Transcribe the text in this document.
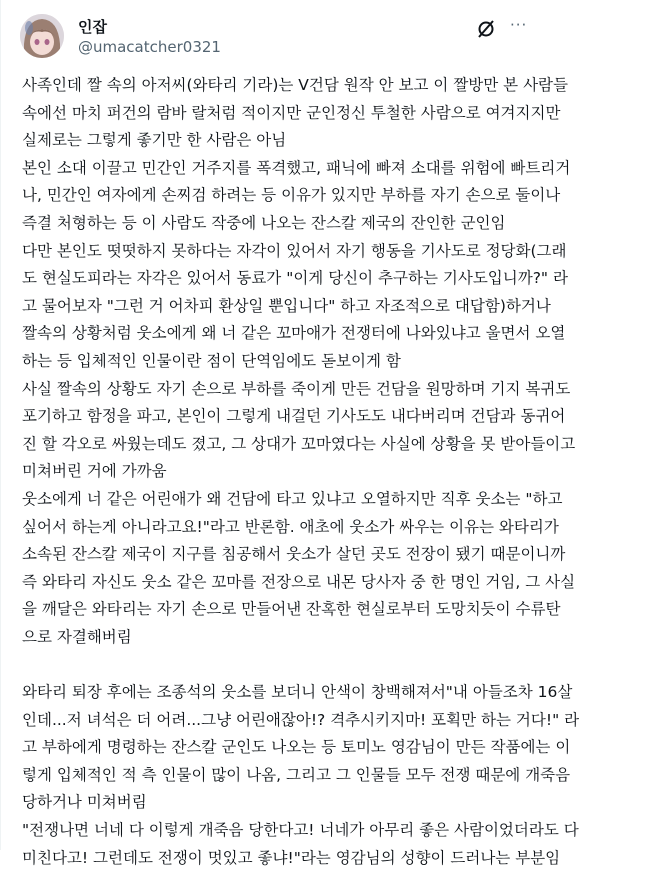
인잡
@umacatcher0321
···
사족인데 짤 속의 아저씨(와타리 기라)는 V건담 원작 안 보고 이 짤방만 본 사람들
속에선 마치 퍼건의 람바 랄처럼 적이지만 군인정신 투철한 사람으로 여겨지지만
실제로는 그렇게 좋기만 한 사람은 아님
본인 소대 이끌고 민간인 거주지를 폭격했고, 패닉에 빠져 소대를 위험에 빠트리거
나, 민간인 여자에게 손찌검 하려는 등 이유가 있지만 부하를 자기 손으로 둘이나
즉결 처형하는 등 이 사람도 작중에 나오는 잔스칼 제국의 잔인한 군인임
다만 본인도 떳떳하지 못하다는 자각이 있어서 자기 행동을 기사도로 정당화(그래
도 현실도피라는 자각은 있어서 동료가 "이게 당신이 추구하는 기사도입니까?" 라
고 물어보자 "그런 거 어차피 환상일 뿐입니다" 하고 자조적으로 대답함)하거나
짤속의 상황처럼 웃소에게 왜 너 같은 꼬마애가 전쟁터에 나와있냐고 울면서 오열
하는 등 입체적인 인물이란 점이 단역임에도 돋보이게 함
사실 짤속의 상황도 자기 손으로 부하를 죽이게 만든 건담을 원망하며 기지 복귀도
포기하고 함정을 파고, 본인이 그렇게 내걸던 기사도도 내다버리며 건담과 동귀어
진 할 각오로 싸웠는데도 졌고, 그 상대가 꼬마였다는 사실에 상황을 못 받아들이고
미쳐버린 거에 가까움
웃소에게 너 같은 어린애가 왜 건담에 타고 있냐고 오열하지만 직후 웃소는 "하고
싶어서 하는게 아니라고요!"라고 반론함. 애초에 웃소가 싸우는 이유는 와타리가
소속된 잔스칼 제국이 지구를 침공해서 웃소가 살던 곳도 전장이 됐기 때문이니까
즉 와타리 자신도 웃소 같은 꼬마를 전장으로 내몬 당사자 중 한 명인 거임, 그 사실
을 깨달은 와타리는 자기 손으로 만들어낸 잔혹한 현실로부터 도망치듯이 수류탄
으로 자결해버림
와타리 퇴장 후에는 조종석의 웃소를 보더니 안색이 창백해져서"내 아들조차 16살
인데...저 녀석은 더 어려...그냥 어린애잖아!? 격추시키지마! 포획만 하는 거다!" 라
고 부하에게 명령하는 잔스칼 군인도 나오는 등 토미노 영감님이 만든 작품에는 이
렇게 입체적인 적 측 인물이 많이 나옴, 그리고 그 인물들 모두 전쟁 때문에 개죽음
당하거나 미쳐버림
"전쟁나면 너네 다 이렇게 개죽음 당한다고! 너네가 아무리 좋은 사람이었더라도 다
미친다고! 그런데도 전쟁이 멋있고 좋냐!"라는 영감님의 성향이 드러나는 부분임
